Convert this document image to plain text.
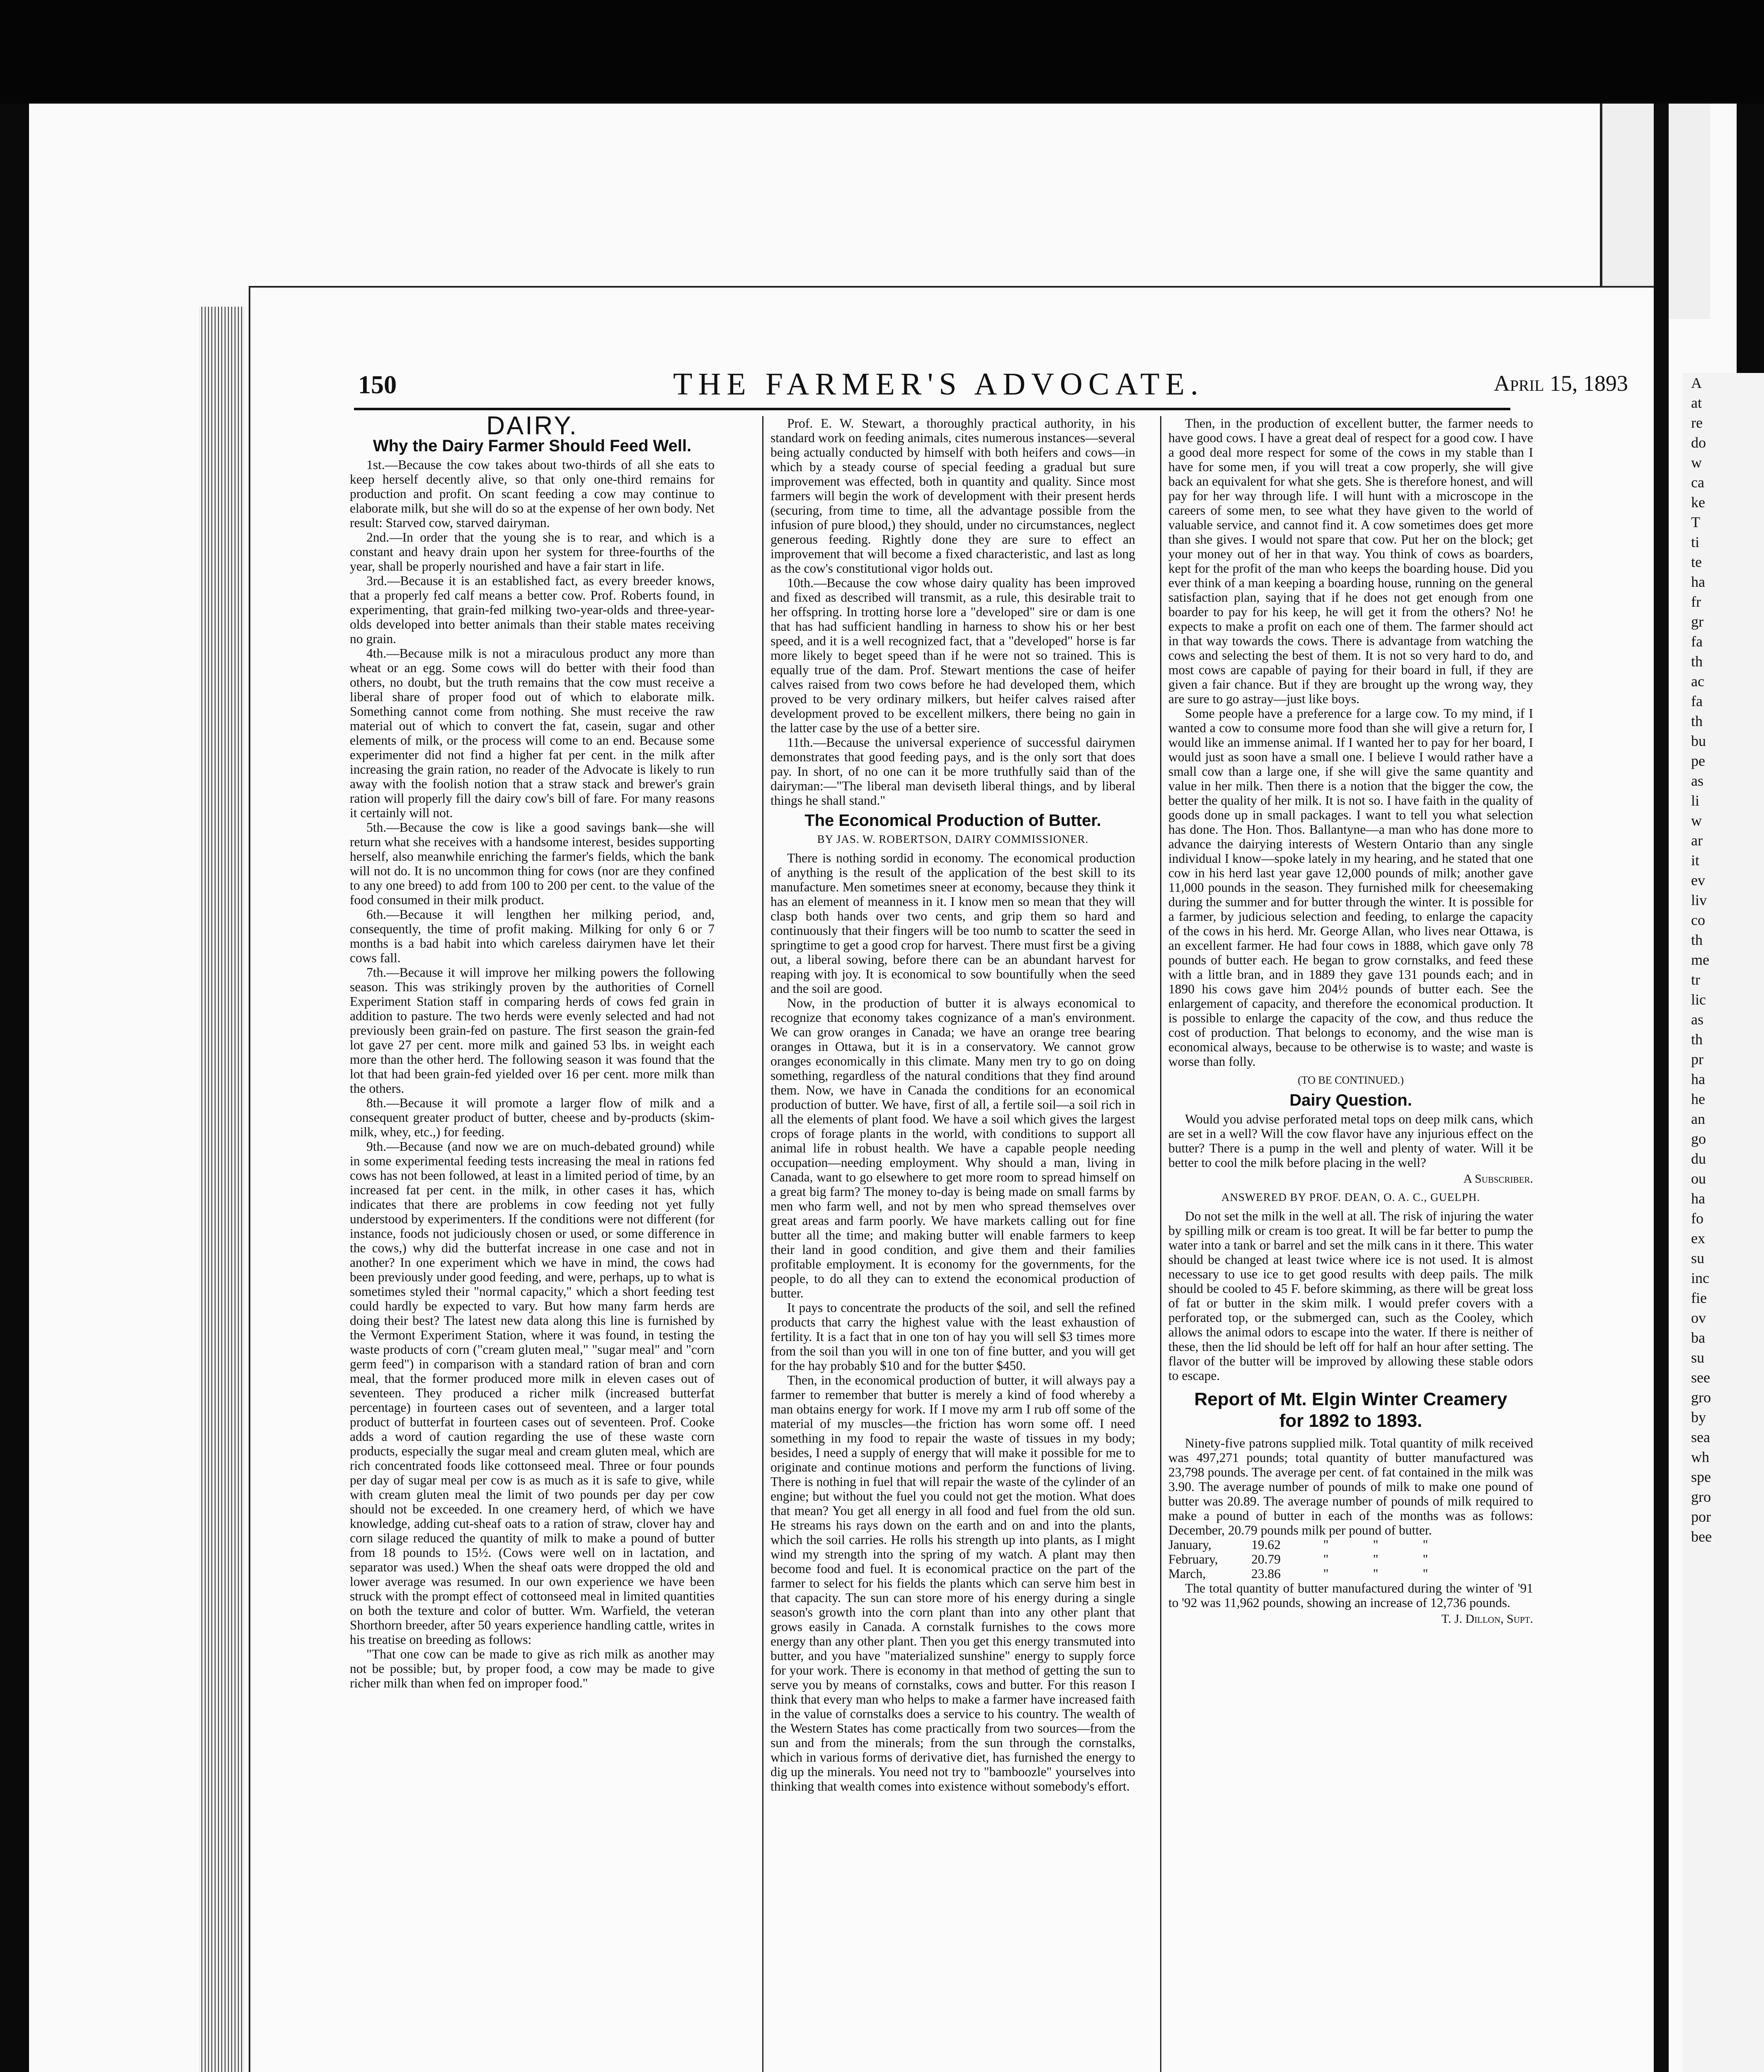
150	THE FARMER'S ADVOCATE.	April 15, 1893
DAIRY.
Why the Dairy Farmer Should Feed Well.

1st.—Because the cow takes about two-thirds of all she eats to keep herself decently alive, so that only one-third remains for production and profit. On scant feeding a cow may continue to elaborate milk, but she will do so at the expense of her own body. Net result: Starved cow, starved dairyman.

2nd.—In order that the young she is to rear, and which is a constant and heavy drain upon her system for three-fourths of the year, shall be properly nourished and have a fair start in life.

3rd.—Because it is an established fact, as every breeder knows, that a properly fed calf means a better cow. Prof. Roberts found, in experimenting, that grain-fed milking two-year-olds and three-year-olds developed into better animals than their stable mates receiving no grain.

4th.—Because milk is not a miraculous product any more than wheat or an egg. Some cows will do better with their food than others, no doubt, but the truth remains that the cow must receive a liberal share of proper food out of which to elaborate milk. Something cannot come from nothing. She must receive the raw material out of which to convert the fat, casein, sugar and other elements of milk, or the process will come to an end. Because some experimenter did not find a higher fat per cent. in the milk after increasing the grain ration, no reader of the Advocate is likely to run away with the foolish notion that a straw stack and brewer's grain ration will properly fill the dairy cow's bill of fare. For many reasons it certainly will not.

5th.—Because the cow is like a good savings bank—she will return what she receives with a handsome interest, besides supporting herself, also meanwhile enriching the farmer's fields, which the bank will not do. It is no uncommon thing for cows (nor are they confined to any one breed) to add from 100 to 200 per cent. to the value of the food consumed in their milk product.

6th.—Because it will lengthen her milking period, and, consequently, the time of profit making. Milking for only 6 or 7 months is a bad habit into which careless dairymen have let their cows fall.

7th.—Because it will improve her milking powers the following season. This was strikingly proven by the authorities of Cornell Experiment Station staff in comparing herds of cows fed grain in addition to pasture. The two herds were evenly selected and had not previously been grain-fed on pasture. The first season the grain-fed lot gave 27 per cent. more milk and gained 53 lbs. in weight each more than the other herd. The following season it was found that the lot that had been grain-fed yielded over 16 per cent. more milk than the others.

8th.—Because it will promote a larger flow of milk and a consequent greater product of butter, cheese and by-products (skim-milk, whey, etc.,) for feeding.

9th.—Because (and now we are on much-debated ground) while in some experimental feeding tests increasing the meal in rations fed cows has not been followed, at least in a limited period of time, by an increased fat per cent. in the milk, in other cases it has, which indicates that there are problems in cow feeding not yet fully understood by experimenters. If the conditions were not different (for instance, foods not judiciously chosen or used, or some difference in the cows,) why did the butterfat increase in one case and not in another? In one experiment which we have in mind, the cows had been previously under good feeding, and were, perhaps, up to what is sometimes styled their "normal capacity," which a short feeding test could hardly be expected to vary. But how many farm herds are doing their best? The latest new data along this line is furnished by the Vermont Experiment Station, where it was found, in testing the waste products of corn ("cream gluten meal," "sugar meal" and "corn germ feed") in comparison with a standard ration of bran and corn meal, that the former produced more milk in eleven cases out of seventeen. They produced a richer milk (increased butterfat percentage) in fourteen cases out of seventeen, and a larger total product of butterfat in fourteen cases out of seventeen. Prof. Cooke adds a word of caution regarding the use of these waste corn products, especially the sugar meal and cream gluten meal, which are rich concentrated foods like cottonseed meal. Three or four pounds per day of sugar meal per cow is as much as it is safe to give, while with cream gluten meal the limit of two pounds per day per cow should not be exceeded. In one creamery herd, of which we have knowledge, adding cut-sheaf oats to a ration of straw, clover hay and corn silage reduced the quantity of milk to make a pound of butter from 18 pounds to 15½. (Cows were well on in lactation, and separator was used.) When the sheaf oats were dropped the old and lower average was resumed. In our own experience we have been struck with the prompt effect of cottonseed meal in limited quantities on both the texture and color of butter. Wm. Warfield, the veteran Shorthorn breeder, after 50 years experience handling cattle, writes in his treatise on breeding as follows:

"That one cow can be made to give as rich milk as another may not be possible; but, by proper food, a cow may be made to give richer milk than when fed on improper food."

Prof. E. W. Stewart, a thoroughly practical authority, in his standard work on feeding animals, cites numerous instances—several being actually conducted by himself with both heifers and cows—in which by a steady course of special feeding a gradual but sure improvement was effected, both in quantity and quality. Since most farmers will begin the work of development with their present herds (securing, from time to time, all the advantage possible from the infusion of pure blood,) they should, under no circumstances, neglect generous feeding. Rightly done they are sure to effect an improvement that will become a fixed characteristic, and last as long as the cow's constitutional vigor holds out.

10th.—Because the cow whose dairy quality has been improved and fixed as described will transmit, as a rule, this desirable trait to her offspring. In trotting horse lore a "developed" sire or dam is one that has had sufficient handling in harness to show his or her best speed, and it is a well recognized fact, that a "developed" horse is far more likely to beget speed than if he were not so trained. This is equally true of the dam. Prof. Stewart mentions the case of heifer calves raised from two cows before he had developed them, which proved to be very ordinary milkers, but heifer calves raised after development proved to be excellent milkers, there being no gain in the latter case by the use of a better sire.

11th.—Because the universal experience of successful dairymen demonstrates that good feeding pays, and is the only sort that does pay. In short, of no one can it be more truthfully said than of the dairyman:—"The liberal man deviseth liberal things, and by liberal things he shall stand."

The Economical Production of Butter.
BY JAS. W. ROBERTSON, DAIRY COMMISSIONER.

There is nothing sordid in economy. The economical production of anything is the result of the application of the best skill to its manufacture. Men sometimes sneer at economy, because they think it has an element of meanness in it. I know men so mean that they will clasp both hands over two cents, and grip them so hard and continuously that their fingers will be too numb to scatter the seed in springtime to get a good crop for harvest. There must first be a giving out, a liberal sowing, before there can be an abundant harvest for reaping with joy. It is economical to sow bountifully when the seed and the soil are good.

Now, in the production of butter it is always economical to recognize that economy takes cognizance of a man's environment. We can grow oranges in Canada; we have an orange tree bearing oranges in Ottawa, but it is in a conservatory. We cannot grow oranges economically in this climate. Many men try to go on doing something, regardless of the natural conditions that they find around them. Now, we have in Canada the conditions for an economical production of butter. We have, first of all, a fertile soil—a soil rich in all the elements of plant food. We have a soil which gives the largest crops of forage plants in the world, with conditions to support all animal life in robust health. We have a capable people needing occupation—needing employment. Why should a man, living in Canada, want to go elsewhere to get more room to spread himself on a great big farm? The money to-day is being made on small farms by men who farm well, and not by men who spread themselves over great areas and farm poorly. We have markets calling out for fine butter all the time; and making butter will enable farmers to keep their land in good condition, and give them and their families profitable employment. It is economy for the governments, for the people, to do all they can to extend the economical production of butter.

It pays to concentrate the products of the soil, and sell the refined products that carry the highest value with the least exhaustion of fertility. It is a fact that in one ton of hay you will sell $3 times more from the soil than you will in one ton of fine butter, and you will get for the hay probably $10 and for the butter $450.

Then, in the economical production of butter, it will always pay a farmer to remember that butter is merely a kind of food whereby a man obtains energy for work. If I move my arm I rub off some of the material of my muscles—the friction has worn some off. I need something in my food to repair the waste of tissues in my body; besides, I need a supply of energy that will make it possible for me to originate and continue motions and perform the functions of living. There is nothing in fuel that will repair the waste of the cylinder of an engine; but without the fuel you could not get the motion. What does that mean? You get all energy in all food and fuel from the old sun. He streams his rays down on the earth and on and into the plants, which the soil carries. He rolls his strength up into plants, as I might wind my strength into the spring of my watch. A plant may then become food and fuel. It is economical practice on the part of the farmer to select for his fields the plants which can serve him best in that capacity. The sun can store more of his energy during a single season's growth into the corn plant than into any other plant that grows easily in Canada. A cornstalk furnishes to the cows more energy than any other plant. Then you get this energy transmuted into butter, and you have "materialized sunshine" energy to supply force for your work. There is economy in that method of getting the sun to serve you by means of cornstalks, cows and butter. For this reason I think that every man who helps to make a farmer have increased faith in the value of cornstalks does a service to his country. The wealth of the Western States has come practically from two sources—from the sun and from the minerals; from the sun through the cornstalks, which in various forms of derivative diet, has furnished the energy to dig up the minerals. You need not try to "bamboozle" yourselves into thinking that wealth comes into existence without somebody's effort.

Then, in the production of excellent butter, the farmer needs to have good cows. I have a great deal of respect for a good cow. I have a good deal more respect for some of the cows in my stable than I have for some men, if you will treat a cow properly, she will give back an equivalent for what she gets. She is therefore honest, and will pay for her way through life. I will hunt with a microscope in the careers of some men, to see what they have given to the world of valuable service, and cannot find it. A cow sometimes does get more than she gives. I would not spare that cow. Put her on the block; get your money out of her in that way. You think of cows as boarders, kept for the profit of the man who keeps the boarding house. Did you ever think of a man keeping a boarding house, running on the general satisfaction plan, saying that if he does not get enough from one boarder to pay for his keep, he will get it from the others? No! he expects to make a profit on each one of them. The farmer should act in that way towards the cows. There is advantage from watching the cows and selecting the best of them. It is not so very hard to do, and most cows are capable of paying for their board in full, if they are given a fair chance. But if they are brought up the wrong way, they are sure to go astray—just like boys.

Some people have a preference for a large cow. To my mind, if I wanted a cow to consume more food than she will give a return for, I would like an immense animal. If I wanted her to pay for her board, I would just as soon have a small one. I believe I would rather have a small cow than a large one, if she will give the same quantity and value in her milk. Then there is a notion that the bigger the cow, the better the quality of her milk. It is not so. I have faith in the quality of goods done up in small packages. I want to tell you what selection has done. The Hon. Thos. Ballantyne—a man who has done more to advance the dairying interests of Western Ontario than any single individual I know—spoke lately in my hearing, and he stated that one cow in his herd last year gave 12,000 pounds of milk; another gave 11,000 pounds in the season. They furnished milk for cheesemaking during the summer and for butter through the winter. It is possible for a farmer, by judicious selection and feeding, to enlarge the capacity of the cows in his herd. Mr. George Allan, who lives near Ottawa, is an excellent farmer. He had four cows in 1888, which gave only 78 pounds of butter each. He began to grow cornstalks, and feed these with a little bran, and in 1889 they gave 131 pounds each; and in 1890 his cows gave him 204½ pounds of butter each. See the enlargement of capacity, and therefore the economical production. It is possible to enlarge the capacity of the cow, and thus reduce the cost of production. That belongs to economy, and the wise man is economical always, because to be otherwise is to waste; and waste is worse than folly.

(TO BE CONTINUED.)
Dairy Question.

Would you advise perforated metal tops on deep milk cans, which are set in a well? Will the cow flavor have any injurious effect on the butter? There is a pump in the well and plenty of water. Will it be better to cool the milk before placing in the well?

A Subscriber.
ANSWERED BY PROF. DEAN, O. A. C., GUELPH.

Do not set the milk in the well at all. The risk of injuring the water by spilling milk or cream is too great. It will be far better to pump the water into a tank or barrel and set the milk cans in it there. This water should be changed at least twice where ice is not used. It is almost necessary to use ice to get good results with deep pails. The milk should be cooled to 45 F. before skimming, as there will be great loss of fat or butter in the skim milk. I would prefer covers with a perforated top, or the submerged can, such as the Cooley, which allows the animal odors to escape into the water. If there is neither of these, then the lid should be left off for half an hour after setting. The flavor of the butter will be improved by allowing these stable odors to escape.

Report of Mt. Elgin Winter Creamery
for 1892 to 1893.

Ninety-five patrons supplied milk. Total quantity of milk received was 497,271 pounds; total quantity of butter manufactured was 23,798 pounds. The average per cent. of fat contained in the milk was 3.90. The average number of pounds of milk to make one pound of butter was 20.89. The average number of pounds of milk required to make a pound of butter in each of the months was as follows: December, 20.79 pounds milk per pound of butter.

January,	19.62	"	"	"
February,	20.79	"	"	"
March,	23.86	"	"	"

The total quantity of butter manufactured during the winter of '91 to '92 was 11,962 pounds, showing an increase of 12,736 pounds.

T. J. Dillon, Supt.
A
at
re
do
w
ca
ke
T
ti
te
ha
fr
gr
fa
th
ac
fa
th
bu
pe
as
li
w
ar
it
ev
liv
co
th
me
tr
lic
as
th
pr
ha
he
an
go
du
ou
ha
fo
ex
su
inc
fie
ov
ba
su
see
gro
by
sea
wh
spe
gro
por
bee
